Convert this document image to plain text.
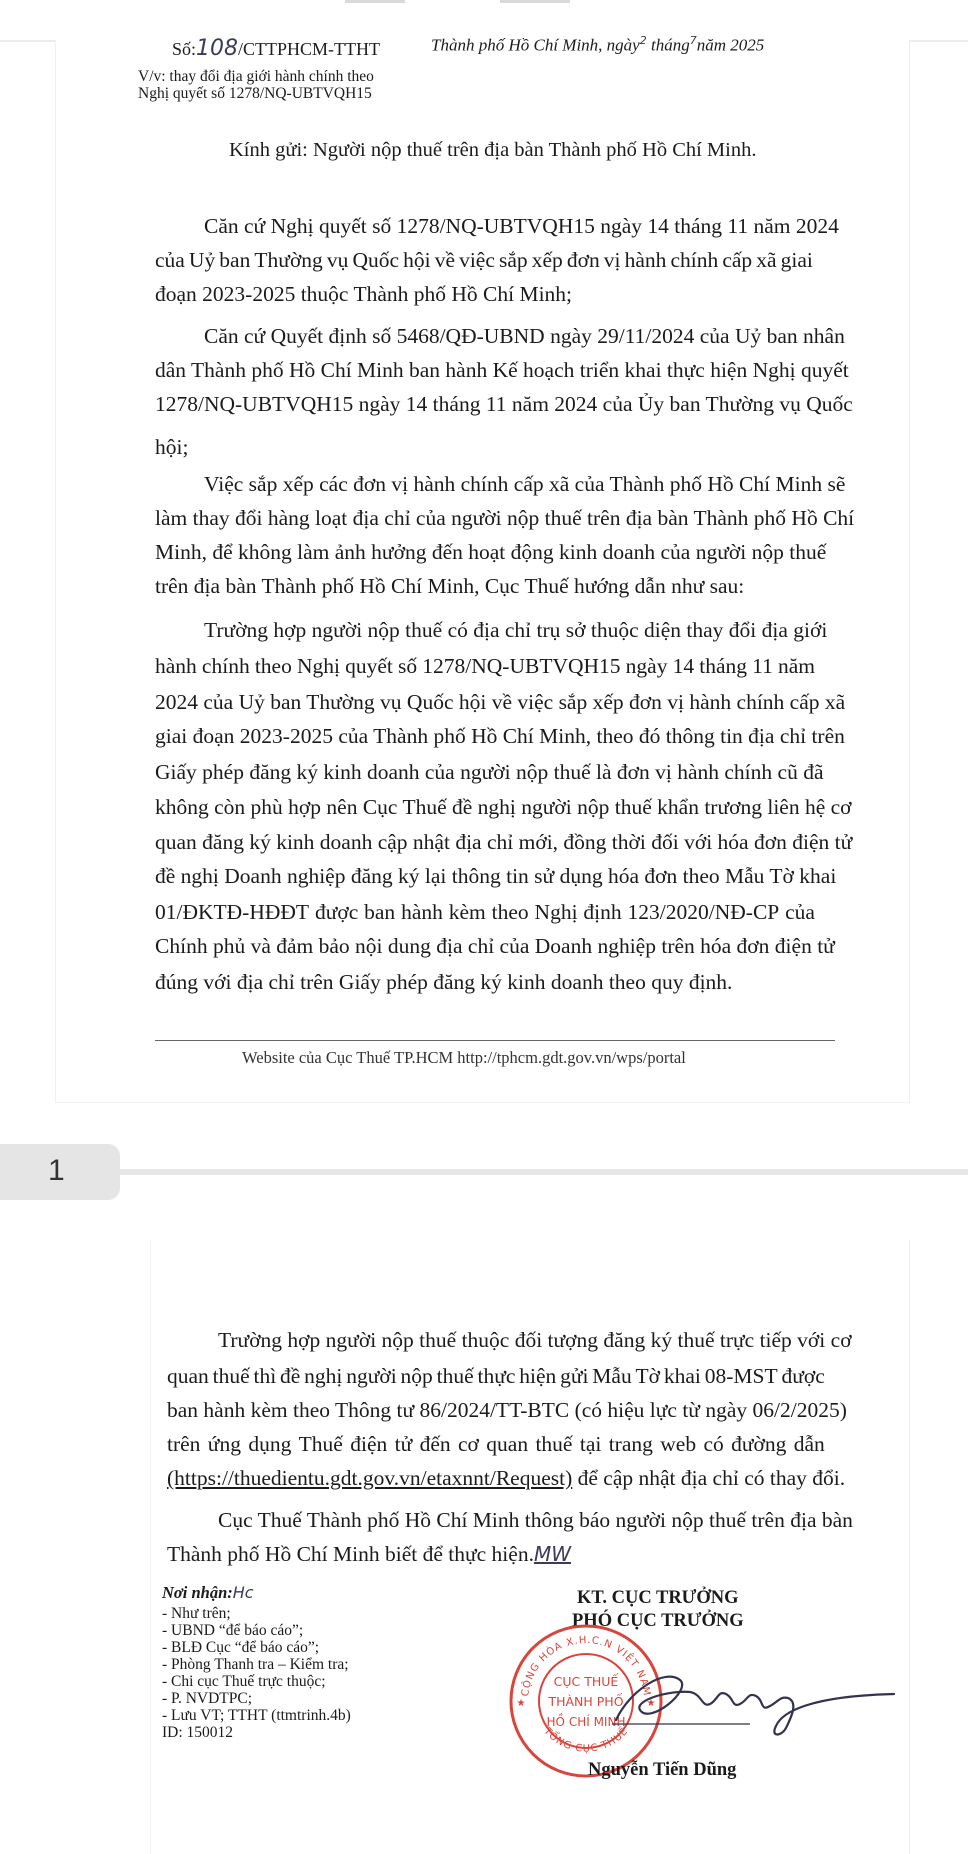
Số:108/CTTPHCM-TTHT	Thành phố Hồ Chí Minh, ngày$^2$ tháng$^7$năm 2025
V/v: thay đổi địa giới hành chính theo
Nghị quyết số 1278/NQ-UBTVQH15
Kính gửi: Người nộp thuế trên địa bàn Thành phố Hồ Chí Minh.
Căn cứ Nghị quyết số 1278/NQ-UBTVQH15 ngày 14 tháng 11 năm 2024
của Uỷ ban Thường vụ Quốc hội về việc sắp xếp đơn vị hành chính cấp xã giai
đoạn 2023-2025 thuộc Thành phố Hồ Chí Minh;
Căn cứ Quyết định số 5468/QĐ-UBND ngày 29/11/2024 của Uỷ ban nhân
dân Thành phố Hồ Chí Minh ban hành Kế hoạch triển khai thực hiện Nghị quyết
1278/NQ-UBTVQH15 ngày 14 tháng 11 năm 2024 của Ủy ban Thường vụ Quốc
hội;
Việc sắp xếp các đơn vị hành chính cấp xã của Thành phố Hồ Chí Minh sẽ
làm thay đổi hàng loạt địa chỉ của người nộp thuế trên địa bàn Thành phố Hồ Chí
Minh, để không làm ảnh hưởng đến hoạt động kinh doanh của người nộp thuế
trên địa bàn Thành phố Hồ Chí Minh, Cục Thuế hướng dẫn như sau:
Trường hợp người nộp thuế có địa chỉ trụ sở thuộc diện thay đổi địa giới
hành chính theo Nghị quyết số 1278/NQ-UBTVQH15 ngày 14 tháng 11 năm
2024 của Uỷ ban Thường vụ Quốc hội về việc sắp xếp đơn vị hành chính cấp xã
giai đoạn 2023-2025 của Thành phố Hồ Chí Minh, theo đó thông tin địa chỉ trên
Giấy phép đăng ký kinh doanh của người nộp thuế là đơn vị hành chính cũ đã
không còn phù hợp nên Cục Thuế đề nghị người nộp thuế khẩn trương liên hệ cơ
quan đăng ký kinh doanh cập nhật địa chỉ mới, đồng thời đối với hóa đơn điện tử
đề nghị Doanh nghiệp đăng ký lại thông tin sử dụng hóa đơn theo Mẫu Tờ khai
01/ĐKTĐ-HĐĐT được ban hành kèm theo Nghị định 123/2020/NĐ-CP của
Chính phủ và đảm bảo nội dung địa chỉ của Doanh nghiệp trên hóa đơn điện tử
đúng với địa chỉ trên Giấy phép đăng ký kinh doanh theo quy định.
Website của Cục Thuế TP.HCM http://tphcm.gdt.gov.vn/wps/portal
1
Trường hợp người nộp thuế thuộc đối tượng đăng ký thuế trực tiếp với cơ
quan thuế thì đề nghị người nộp thuế thực hiện gửi Mẫu Tờ khai 08-MST được
ban hành kèm theo Thông tư 86/2024/TT-BTC (có hiệu lực từ ngày 06/2/2025)
trên ứng dụng Thuế điện tử đến cơ quan thuế tại trang web có đường dẫn
(https://thuedientu.gdt.gov.vn/etaxnnt/Request) để cập nhật địa chỉ có thay đổi.
Cục Thuế Thành phố Hồ Chí Minh thông báo người nộp thuế trên địa bàn
Thành phố Hồ Chí Minh biết để thực hiện.MW
Nơi nhận:Hc
- Như trên;
- UBND “để báo cáo”;
- BLĐ Cục “để báo cáo”;
- Phòng Thanh tra – Kiểm tra;
- Chi cục Thuế trực thuộc;
- P. NVDTPC;
- Lưu VT; TTHT (ttmtrinh.4b)
ID: 150012
KT. CỤC TRƯỞNG
PHÓ CỤC TRƯỞNG
CỘNG HÒA X.H.C.N VIỆT NAM
TỔNG CỤC THUẾ
CỤC THUẾ
THÀNH PHỐ
HỒ CHÍ MINH
★	★
Nguyễn Tiến Dũng
